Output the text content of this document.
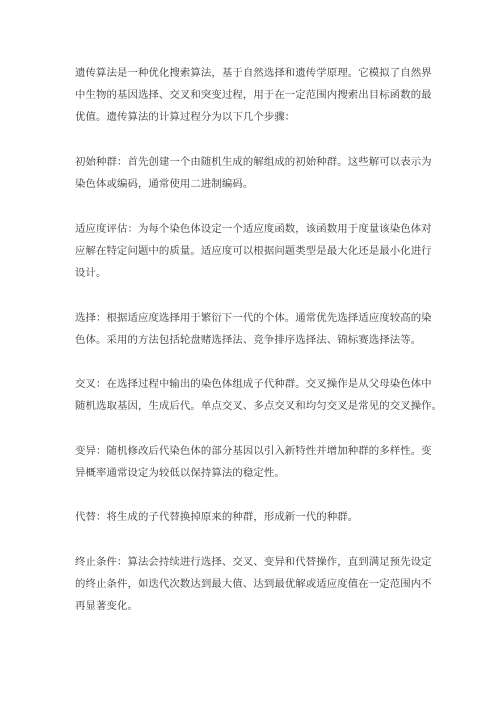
遗传算法是一种优化搜索算法，基于自然选择和遗传学原理。它模拟了自然界
中生物的基因选择、交叉和突变过程，用于在一定范围内搜索出目标函数的最
优值。遗传算法的计算过程分为以下几个步骤：
初始种群：首先创建一个由随机生成的解组成的初始种群。这些解可以表示为
染色体或编码，通常使用二进制编码。
适应度评估：为每个染色体设定一个适应度函数，该函数用于度量该染色体对
应解在特定问题中的质量。适应度可以根据问题类型是最大化还是最小化进行
设计。
选择：根据适应度选择用于繁衍下一代的个体。通常优先选择适应度较高的染
色体。采用的方法包括轮盘赌选择法、竞争排序选择法、锦标赛选择法等。
交叉：在选择过程中输出的染色体组成子代种群。交叉操作是从父母染色体中
随机选取基因，生成后代。单点交叉、多点交叉和均匀交叉是常见的交叉操作。
变异：随机修改后代染色体的部分基因以引入新特性并增加种群的多样性。变
异概率通常设定为较低以保持算法的稳定性。
代替：将生成的子代替换掉原来的种群，形成新一代的种群。
终止条件：算法会持续进行选择、交叉、变异和代替操作，直到满足预先设定
的终止条件，如迭代次数达到最大值、达到最优解或适应度值在一定范围内不
再显著变化。
